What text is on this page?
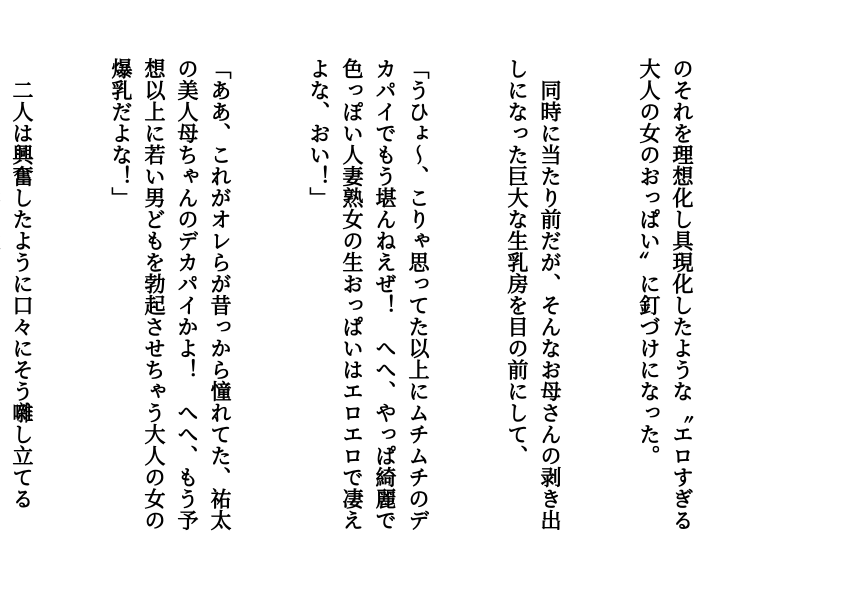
のそれを理想化し具現化したような〝エロすぎる大人の女のおっぱい〟に釘づけになった。

　同時に当たり前だが、そんなお母さんの剥き出しになった巨大な生乳房を目の前にして、

「うひょ〜、こりゃ思ってた以上にムチムチのデカパイでもう堪んねえぜ！　へへ、やっぱ綺麗で色っぽい人妻熟女の生おっぱいはエロエロで凄えよな、おい！」

「ああ、これがオレらが昔っから憧れてた、祐太の美人母ちゃんのデカパイかよ！　へへ、もう予想以上に若い男どもを勃起させちゃう大人の女の爆乳だよな！」

　二人は興奮したように口々にそう囃し立てる
